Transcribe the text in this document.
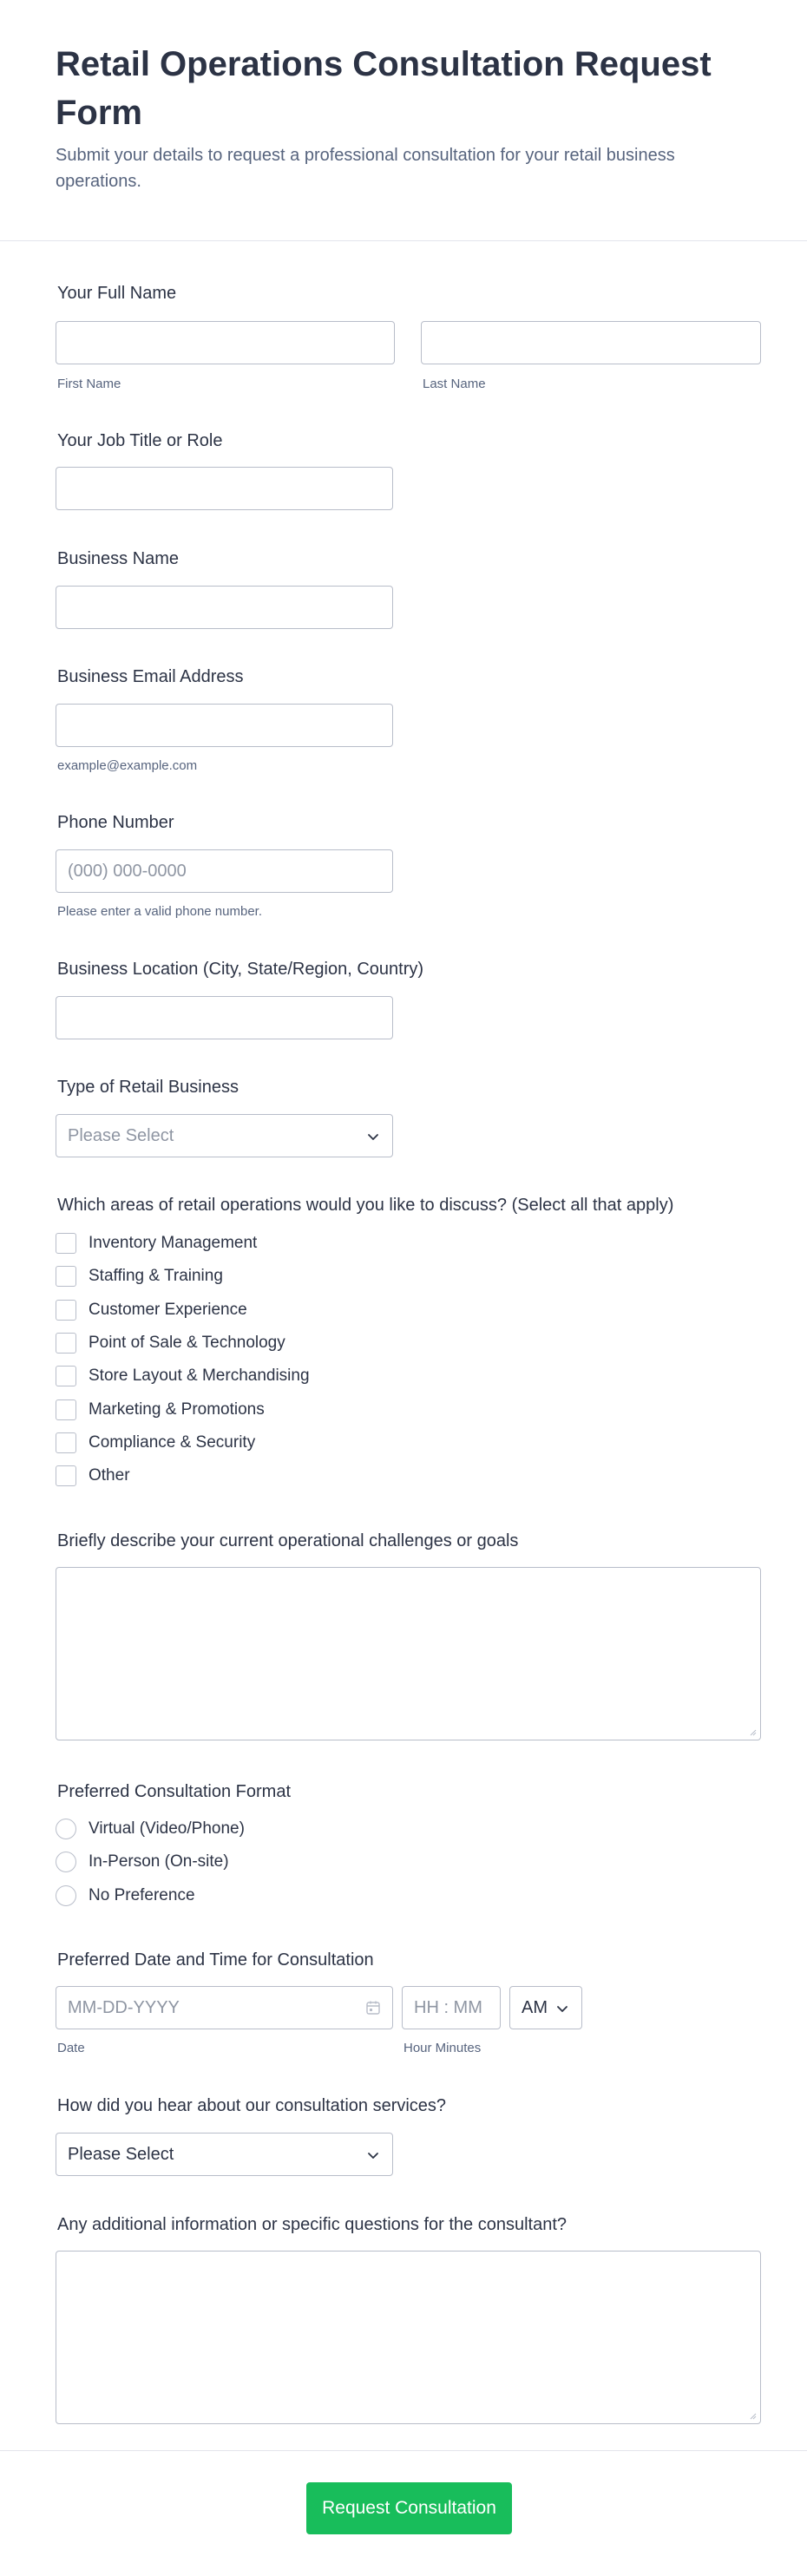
Retail Operations Consultation Request Form

Submit your details to request a professional consultation for your retail business operations.

Your Full Name
First Name	Last Name
Your Job Title or Role
Business Name
Business Email Address
example@example.com
Phone Number
(000) 000-0000
Please enter a valid phone number.
Business Location (City, State/Region, Country)
Type of Retail Business
Please Select
Which areas of retail operations would you like to discuss? (Select all that apply)
Inventory Management
Staffing & Training
Customer Experience
Point of Sale & Technology
Store Layout & Merchandising
Marketing & Promotions
Compliance & Security
Other
Briefly describe your current operational challenges or goals
Preferred Consultation Format
Virtual (Video/Phone)
In-Person (On-site)
No Preference
Preferred Date and Time for Consultation
MM-DD-YYYY
HH : MM
AM
Date	Hour Minutes
How did you hear about our consultation services?
Please Select
Any additional information or specific questions for the consultant?
Request Consultation
